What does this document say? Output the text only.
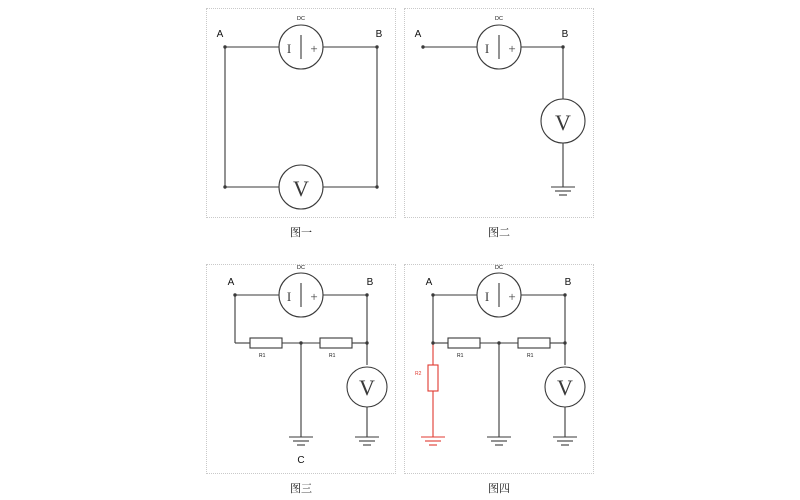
I +
DC
V
A	B
图一
I +
DC
V
A	B
图二
R1	R1
C
V
I +
DC
A	B
图三
R1	R1
R2
V
I +
DC
A	B
图四
